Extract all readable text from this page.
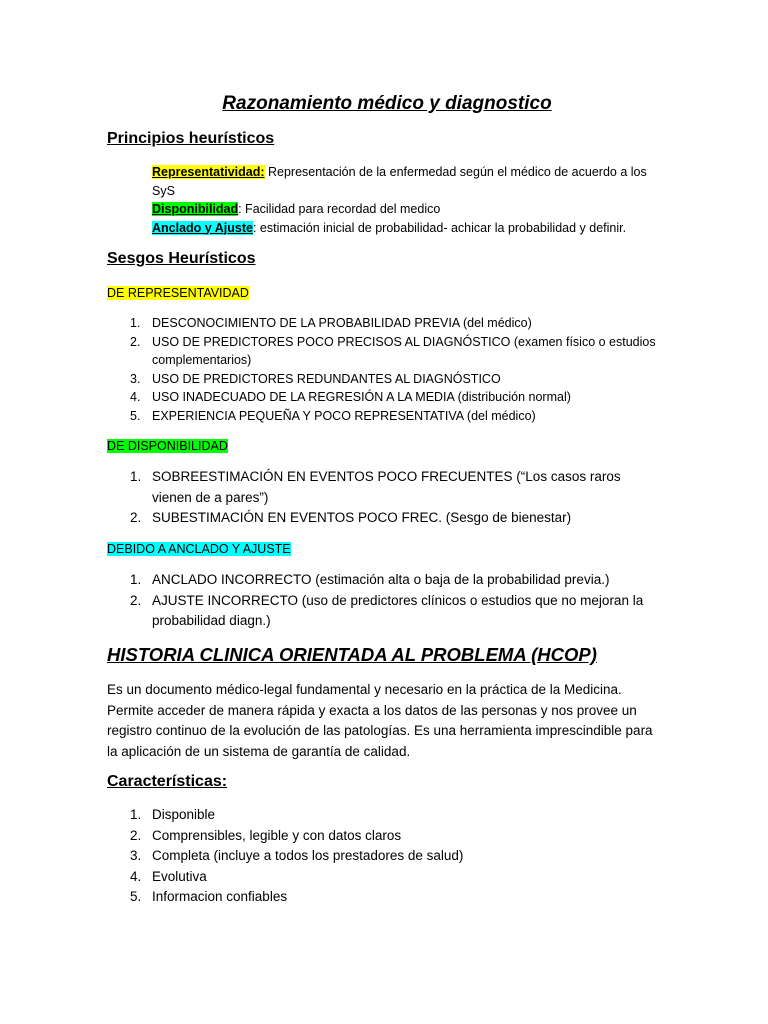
Razonamiento médico y diagnostico
Principios heurísticos

Representatividad: Representación de la enfermedad según el médico de acuerdo a los SyS

Disponibilidad: Facilidad para recordad del medico

Anclado y Ajuste: estimación inicial de probabilidad- achicar la probabilidad y definir.

Sesgos Heurísticos
DE REPRESENTAVIDAD
1. DESCONOCIMIENTO DE LA PROBABILIDAD PREVIA (del médico)
2. USO DE PREDICTORES POCO PRECISOS AL DIAGNÓSTICO (examen físico o estudios complementarios)
3. USO DE PREDICTORES REDUNDANTES AL DIAGNÓSTICO
4. USO INADECUADO DE LA REGRESIÓN A LA MEDIA (distribución normal)
5. EXPERIENCIA PEQUEÑA Y POCO REPRESENTATIVA (del médico)
DE DISPONIBILIDAD
1. SOBREESTIMACIÓN EN EVENTOS POCO FRECUENTES (“Los casos raros vienen de a pares”)
2. SUBESTIMACIÓN EN EVENTOS POCO FREC. (Sesgo de bienestar)
DEBIDO A ANCLADO Y AJUSTE
1. ANCLADO INCORRECTO (estimación alta o baja de la probabilidad previa.)
2. AJUSTE INCORRECTO (uso de predictores clínicos o estudios que no mejoran la probabilidad diagn.)
HISTORIA CLINICA ORIENTADA AL PROBLEMA (HCOP)

Es un documento médico-legal fundamental y necesario en la práctica de la Medicina. Permite acceder de manera rápida y exacta a los datos de las personas y nos provee un registro continuo de la evolución de las patologías. Es una herramienta imprescindible para la aplicación de un sistema de garantía de calidad.

Características:
1. Disponible
2. Comprensibles, legible y con datos claros
3. Completa (incluye a todos los prestadores de salud)
4. Evolutiva
5. Informacion confiables
